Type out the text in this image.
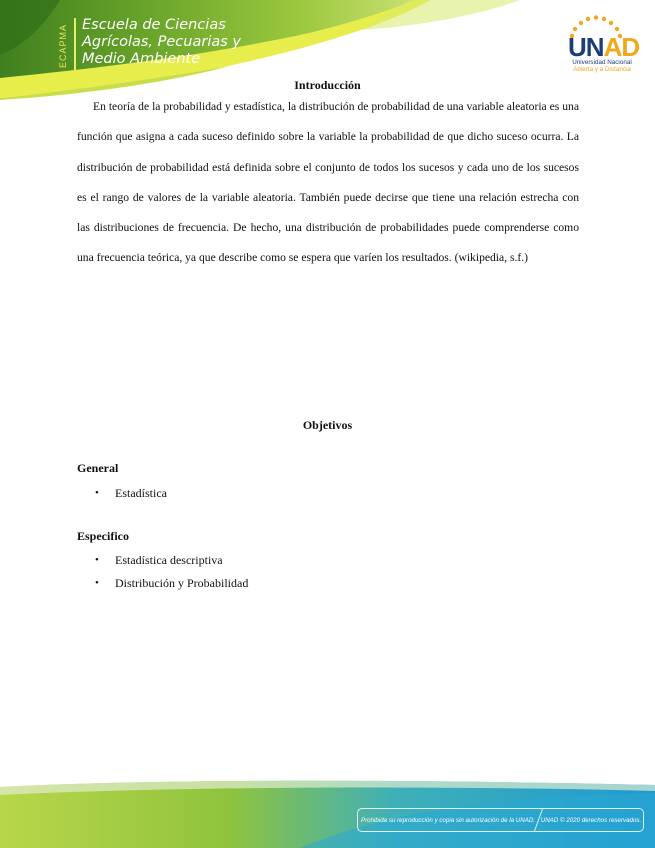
ECAPMA Escuela de Ciencias
Agrícolas, Pecuarias y
Medio Ambiente	UNAD
Universidad Nacional
Abierta y a Distancia
Introducción

En teoría de la probabilidad y estadística, la distribución de probabilidad de una variable aleatoria es una función que asigna a cada suceso definido sobre la variable la probabilidad de que dicho suceso ocurra. La distribución de probabilidad está definida sobre el conjunto de todos los sucesos y cada uno de los sucesos es el rango de valores de la variable aleatoria. También puede decirse que tiene una relación estrecha con las distribuciones de frecuencia. De hecho, una distribución de probabilidades puede comprenderse como una frecuencia teórica, ya que describe como se espera que varíen los resultados. (wikipedia, s.f.)

Objetivos
General
• Estadística
Especifico
• Estadística descriptiva
• Distribución y Probabilidad
Prohibida su reproducción y copia sin autorización de la UNAD. UNAD © 2020 derechos reservados.
